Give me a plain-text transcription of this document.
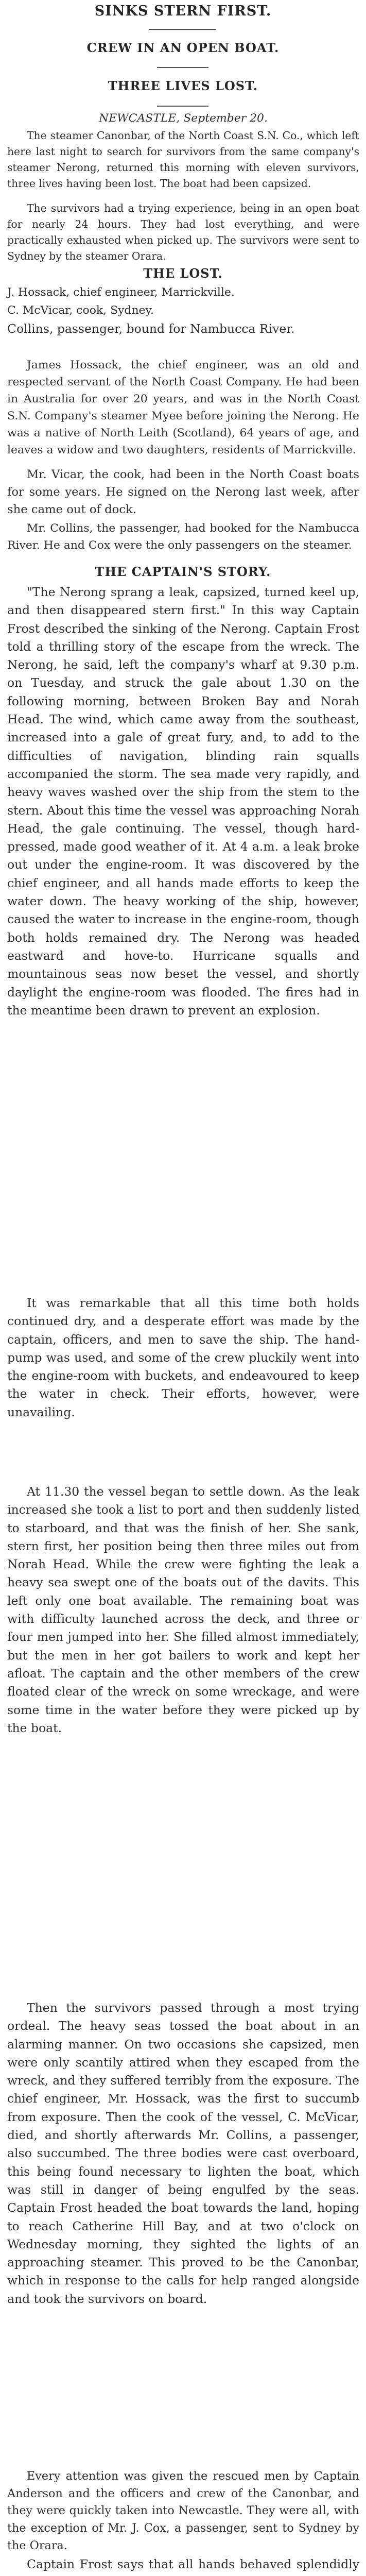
SINKS STERN FIRST.
CREW IN AN OPEN BOAT.
THREE LIVES LOST.

NEWCASTLE, September 20.

The steamer Canonbar, of the North Coast S.N. Co., which left here last night to search for survivors from the same company's steamer Nerong, returned this morning with eleven survivors, three lives having been lost. The boat had been capsized.

The survivors had a trying experience, being in an open boat for nearly 24 hours. They had lost everything, and were practically exhausted when picked up. The survivors were sent to Sydney by the steamer Orara.

THE LOST.

J. Hossack, chief engineer, Marrickville.

C. McVicar, cook, Sydney.

Collins, passenger, bound for Nambucca River.

James Hossack, the chief engineer, was an old and respected servant of the North Coast Company. He had been in Australia for over 20 years, and was in the North Coast S.N. Company's steamer Myee before joining the Nerong. He was a native of North Leith (Scotland), 64 years of age, and leaves a widow and two daughters, residents of Marrickville.

Mr. Vicar, the cook, had been in the North Coast boats for some years. He signed on the Nerong last week, after she came out of dock.

Mr. Collins, the passenger, had booked for the Nambucca River. He and Cox were the only passengers on the steamer.

THE CAPTAIN'S STORY.

"The Nerong sprang a leak, capsized, turned keel up, and then disappeared stern first." In this way Captain Frost described the sinking of the Nerong. Captain Frost told a thrilling story of the escape from the wreck. The Nerong, he said, left the company's wharf at 9.30 p.m. on Tuesday, and struck the gale about 1.30 on the following morning, between Broken Bay and Norah Head. The wind, which came away from the southeast, increased into a gale of great fury, and, to add to the difficulties of navigation, blinding rain squalls accompanied the storm. The sea made very rapidly, and heavy waves washed over the ship from the stem to the stern. About this time the vessel was approaching Norah Head, the gale continuing. The vessel, though hard-pressed, made good weather of it. At 4 a.m. a leak broke out under the engine-room. It was discovered by the chief engineer, and all hands made efforts to keep the water down. The heavy working of the ship, however, caused the water to increase in the engine-room, though both holds remained dry. The Nerong was headed eastward and hove-to. Hurricane squalls and mountainous seas now beset the vessel, and shortly daylight the engine-room was flooded. The fires had in the meantime been drawn to prevent an explosion.

It was remarkable that all this time both holds continued dry, and a desperate effort was made by the captain, officers, and men to save the ship. The hand-pump was used, and some of the crew pluckily went into the engine-room with buckets, and endeavoured to keep the water in check. Their efforts, however, were unavailing.

At 11.30 the vessel began to settle down. As the leak increased she took a list to port and then suddenly listed to starboard, and that was the finish of her. She sank, stern first, her position being then three miles out from Norah Head. While the crew were fighting the leak a heavy sea swept one of the boats out of the davits. This left only one boat available. The remaining boat was with difficulty launched across the deck, and three or four men jumped into her. She filled almost immediately, but the men in her got bailers to work and kept her afloat. The captain and the other members of the crew floated clear of the wreck on some wreckage, and were some time in the water before they were picked up by the boat.

Then the survivors passed through a most trying ordeal. The heavy seas tossed the boat about in an alarming manner. On two occasions she capsized, men were only scantily attired when they escaped from the wreck, and they suffered terribly from the exposure. The chief engineer, Mr. Hossack, was the first to succumb from exposure. Then the cook of the vessel, C. McVicar, died, and shortly afterwards Mr. Collins, a passenger, also succumbed. The three bodies were cast overboard, this being found necessary to lighten the boat, which was still in danger of being engulfed by the seas. Captain Frost headed the boat towards the land, hoping to reach Catherine Hill Bay, and at two o'clock on Wednesday morning, they sighted the lights of an approaching steamer. This proved to be the Canonbar, which in response to the calls for help ranged alongside and took the survivors on board.

Every attention was given the rescued men by Captain Anderson and the officers and crew of the Canonbar, and they were quickly taken into Newcastle. They were all, with the exception of Mr. J. Cox, a passenger, sent to Sydney by the Orara.

Captain Frost says that all hands behaved splendidly
